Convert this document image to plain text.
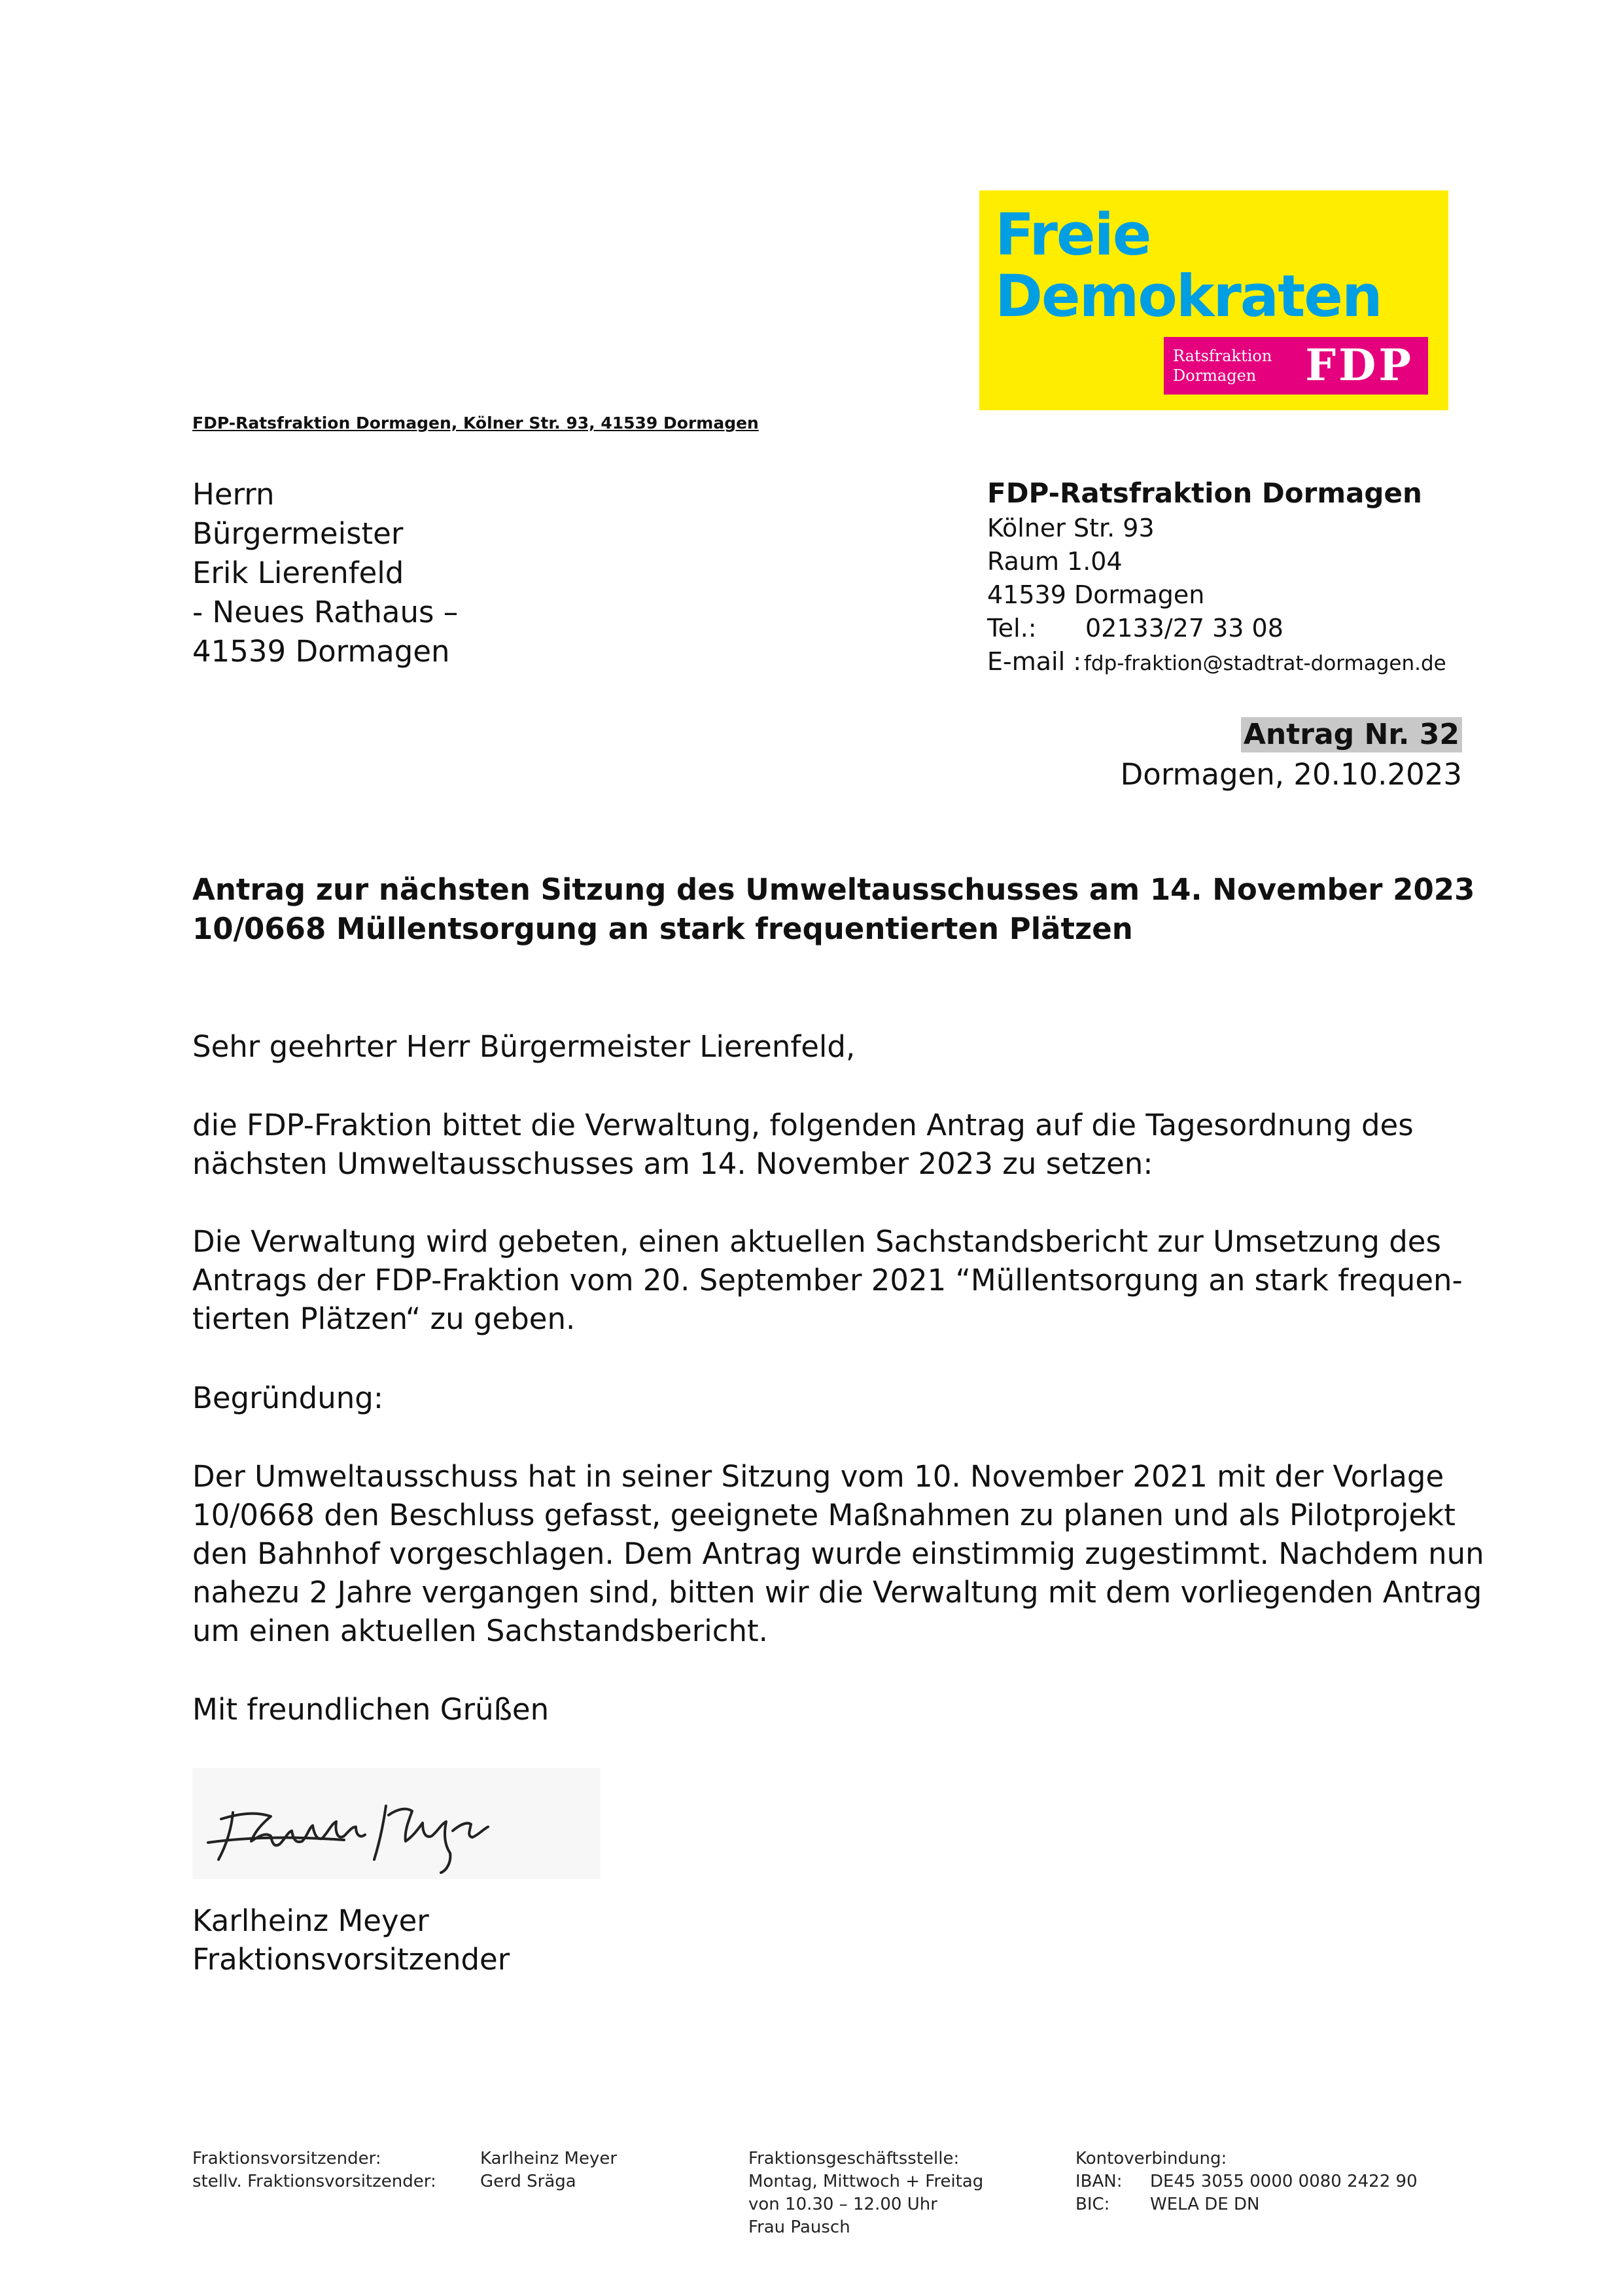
Freie
Demokraten
Ratsfraktion
Dormagen	FDP
FDP-Ratsfraktion Dormagen, Kölner Str. 93, 41539 Dormagen
Herrn
Bürgermeister
Erik Lierenfeld
- Neues Rathaus –
41539 Dormagen
FDP-Ratsfraktion Dormagen
Kölner Str. 93
Raum 1.04
41539 Dormagen
Tel.: 02133/27 33 08
E-mail : fdp-fraktion@stadtrat-dormagen.de
Antrag Nr. 32
Dormagen, 20.10.2023
Antrag zur nächsten Sitzung des Umweltausschusses am 14. November 2023
10/0668 Müllentsorgung an stark frequentierten Plätzen
Sehr geehrter Herr Bürgermeister Lierenfeld,
die FDP-Fraktion bittet die Verwaltung, folgenden Antrag auf die Tagesordnung des
nächsten Umweltausschusses am 14. November 2023 zu setzen:
Die Verwaltung wird gebeten, einen aktuellen Sachstandsbericht zur Umsetzung des
Antrags der FDP-Fraktion vom 20. September 2021 “Müllentsorgung an stark frequen-
tierten Plätzen“ zu geben.
Begründung:
Der Umweltausschuss hat in seiner Sitzung vom 10. November 2021 mit der Vorlage
10/0668 den Beschluss gefasst, geeignete Maßnahmen zu planen und als Pilotprojekt
den Bahnhof vorgeschlagen. Dem Antrag wurde einstimmig zugestimmt. Nachdem nun
nahezu 2 Jahre vergangen sind, bitten wir die Verwaltung mit dem vorliegenden Antrag
um einen aktuellen Sachstandsbericht.
Mit freundlichen Grüßen
Karlheinz Meyer
Fraktionsvorsitzender
Fraktionsvorsitzender:
stellv. Fraktionsvorsitzender:
Karlheinz Meyer
Gerd Sräga
Fraktionsgeschäftsstelle:
Montag, Mittwoch + Freitag
von 10.30 – 12.00 Uhr
Frau Pausch
Kontoverbindung:
IBAN: DE45 3055 0000 0080 2422 90
BIC: WELA DE DN
